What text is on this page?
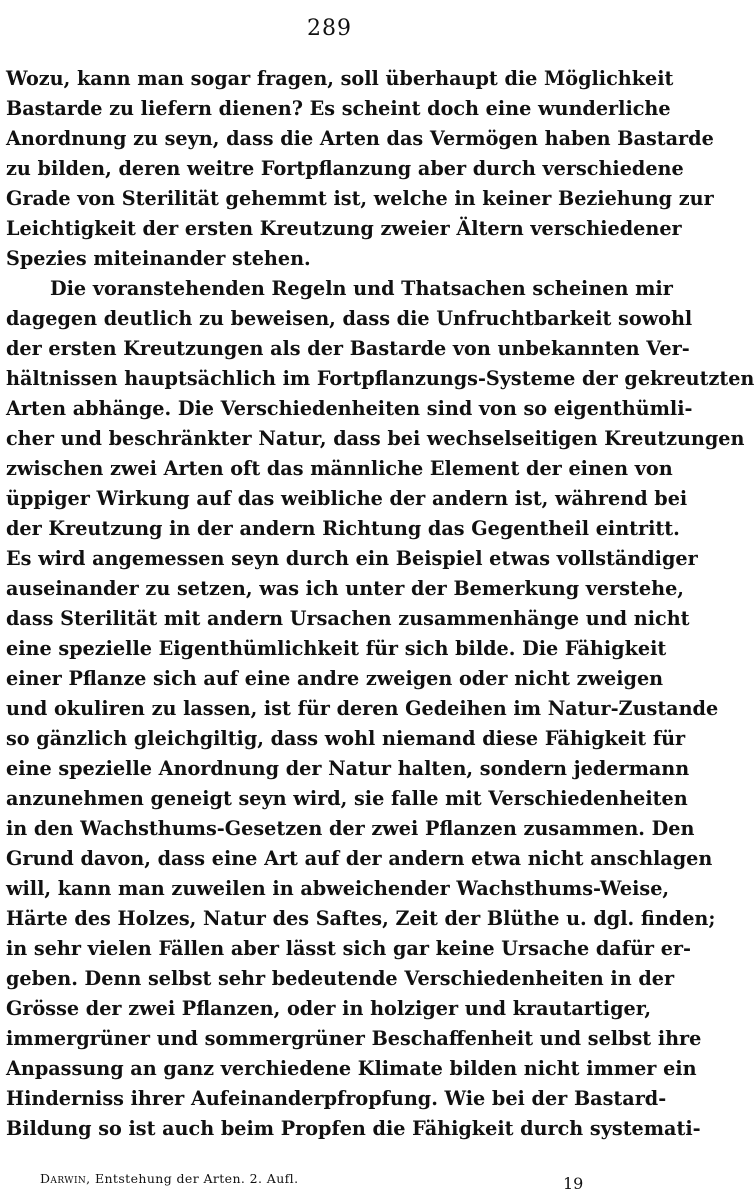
289
Wozu, kann man sogar fragen, soll überhaupt die Möglichkeit
Bastarde zu liefern dienen? Es scheint doch eine wunderliche
Anordnung zu seyn, dass die Arten das Vermögen haben Bastarde
zu bilden, deren weitre Fortpflanzung aber durch verschiedene
Grade von Sterilität gehemmt ist, welche in keiner Beziehung zur
Leichtigkeit der ersten Kreutzung zweier Ältern verschiedener
Spezies miteinander stehen.
Die voranstehenden Regeln und Thatsachen scheinen mir
dagegen deutlich zu beweisen, dass die Unfruchtbarkeit sowohl
der ersten Kreutzungen als der Bastarde von unbekannten Ver-
hältnissen hauptsächlich im Fortpflanzungs-Systeme der gekreutzten
Arten abhänge. Die Verschiedenheiten sind von so eigenthümli-
cher und beschränkter Natur, dass bei wechselseitigen Kreutzungen
zwischen zwei Arten oft das männliche Element der einen von
üppiger Wirkung auf das weibliche der andern ist, während bei
der Kreutzung in der andern Richtung das Gegentheil eintritt.
Es wird angemessen seyn durch ein Beispiel etwas vollständiger
auseinander zu setzen, was ich unter der Bemerkung verstehe,
dass Sterilität mit andern Ursachen zusammenhänge und nicht
eine spezielle Eigenthümlichkeit für sich bilde. Die Fähigkeit
einer Pflanze sich auf eine andre zweigen oder nicht zweigen
und okuliren zu lassen, ist für deren Gedeihen im Natur-Zustande
so gänzlich gleichgiltig, dass wohl niemand diese Fähigkeit für
eine spezielle Anordnung der Natur halten, sondern jedermann
anzunehmen geneigt seyn wird, sie falle mit Verschiedenheiten
in den Wachsthums-Gesetzen der zwei Pflanzen zusammen. Den
Grund davon, dass eine Art auf der andern etwa nicht anschlagen
will, kann man zuweilen in abweichender Wachsthums-Weise,
Härte des Holzes, Natur des Saftes, Zeit der Blüthe u. dgl. finden;
in sehr vielen Fällen aber lässt sich gar keine Ursache dafür er-
geben. Denn selbst sehr bedeutende Verschiedenheiten in der
Grösse der zwei Pflanzen, oder in holziger und krautartiger,
immergrüner und sommergrüner Beschaffenheit und selbst ihre
Anpassung an ganz verchiedene Klimate bilden nicht immer ein
Hinderniss ihrer Aufeinanderpfropfung. Wie bei der Bastard-
Bildung so ist auch beim Propfen die Fähigkeit durch systemati-
Darwin, Entstehung der Arten. 2. Aufl.	19
